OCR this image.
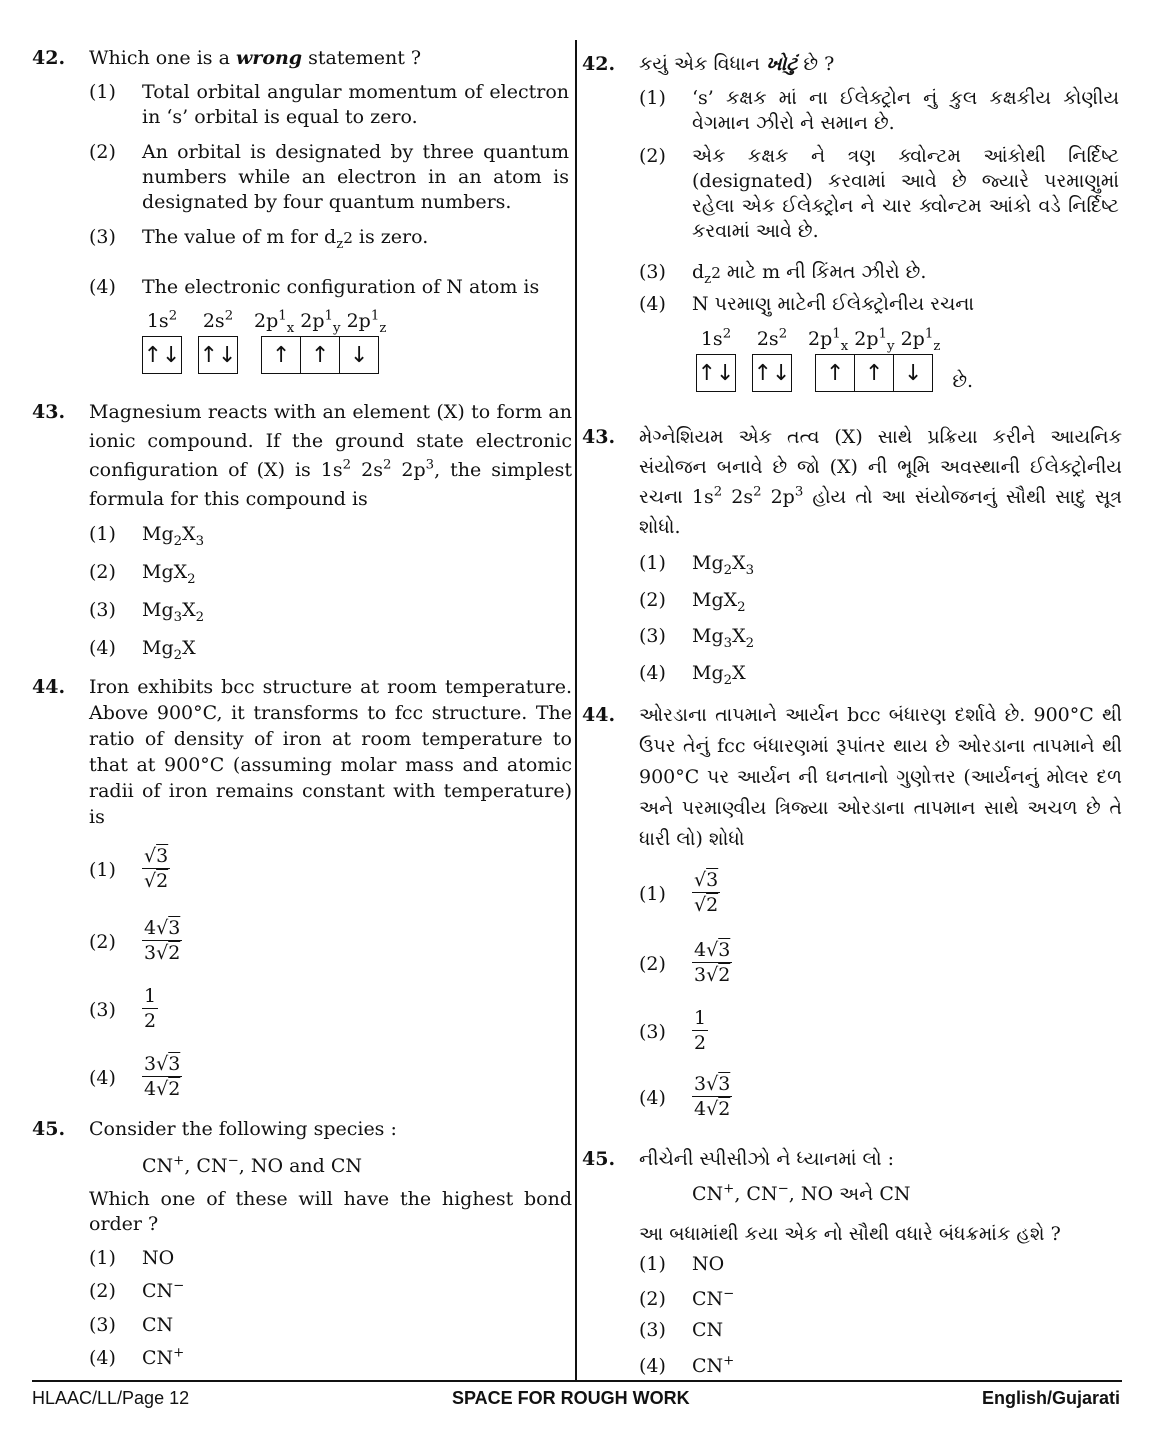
42. Which one is a wrong statement ?
(1) Total orbital angular momentum of electron in ‘s’ orbital is equal to zero.
(2) An orbital is designated by three quantum numbers while an electron in an atom is designated by four quantum numbers.
(3) The value of m for $d_z2$ is zero.
(4) The electronic configuration of N atom is
$1s^2$
↑ ↓
$2s^2$
↑ ↓
$2p^1_x$ $2p^1_y$ $2p^1_z$
↑ ↑ ↓
43. Magnesium reacts with an element (X) to form an ionic compound. If the ground state electronic configuration of (X) is $1s^2$ $2s^2$ $2p^3$, the simplest formula for this compound is
(1) $Mg_2X_3$
(2) MgX$_2$
(3) $Mg_3X_2$
(4) $Mg_2X$
44. Iron exhibits bcc structure at room temperature. Above 900°C, it transforms to fcc structure. The ratio of density of iron at room temperature to that at 900°C (assuming molar mass and atomic radii of iron remains constant with temperature) is
$(1) \frac{√3}{√2}$
$(2) \frac{4√3}{3√2}$
$(3) \frac{1}{2}$
$(4) \frac{3√3}{4√2}$
45. Consider the following species :
CN+, CN−, NO and CN
Which one of these will have the highest bond order ?
(1) NO
(2) CN−
(3) CN
(4) CN+
42. કયું એક વિધાન ખોટું છે ?
(1) ‘s’ કક્ષક માં ના ઈલેક્ટ્રોન નું કુલ કક્ષકીય કોણીય વેગમાન ઝીરો ને સમાન છે.
(2) એક કક્ષક ને ત્રણ ક્વોન્ટમ આંકોથી નિર્દિષ્ટ (designated) કરવામાં આવે છે જ્યારે પરમાણુમાં રહેલા એક ઈલેક્ટ્રોન ને ચાર ક્વોન્ટમ આંકો વડે નિર્દિષ્ટ કરવામાં આવે છે.
(3) $d_z2$ માટે m ની કિંમત ઝીરો છે.
(4) N પરમાણુ માટેની ઈલેક્ટ્રોનીય રચના
$1s^2$
↑ ↓
$2s^2$
↑ ↓
$2p^1_x$ $2p^1_y$ $2p^1_z$
↑ ↑ ↓ છે.
43. મેગ્નેશિયમ એક તત્વ (X) સાથે પ્રક્રિયા કરીને આયનિક સંયોજન બનાવે છે જો (X) ની ભૂમિ અવસ્થાની ઈલેક્ટ્રોનીય રચના $1s^2$ $2s^2$ $2p^3$ હોય તો આ સંયોજનનું સૌથી સાદુ સૂત્ર શોધો.
(1) $Mg_2X_3$
(2) MgX$_2$
(3) $Mg_3X_2$
(4) $Mg_2X$
44. ઓરડાના તાપમાને આર્યન bcc બંધારણ દર્શાવે છે. 900°C થી ઉપર તેનું fcc બંધારણમાં રૂપાંતર થાય છે ઓરડાના તાપમાને થી 900°C પર આર્યન ની ઘનતાનો ગુણોત્તર (આર્યનનું મોલર દળ અને પરમાણ્વીય ત્રિજ્યા ઓરડાના તાપમાન સાથે અચળ છે તે ધારી લો) શોધો
$(1) \frac{√3}{√2}$
$(2) \frac{4√3}{3√2}$
$(3) \frac{1}{2}$
$(4) \frac{3√3}{4√2}$
45. નીચેની સ્પીસીઝો ને ધ્યાનમાં લો :
CN+, CN−, NO અને CN
આ બધામાંથી કયા એક નો સૌથી વધારે બંધક્રમાંક હશે ?
(1) NO
(2) CN−
(3) CN
(4) CN+
HLAAC/LL/Page 12	SPACE FOR ROUGH WORK	English/Gujarati
